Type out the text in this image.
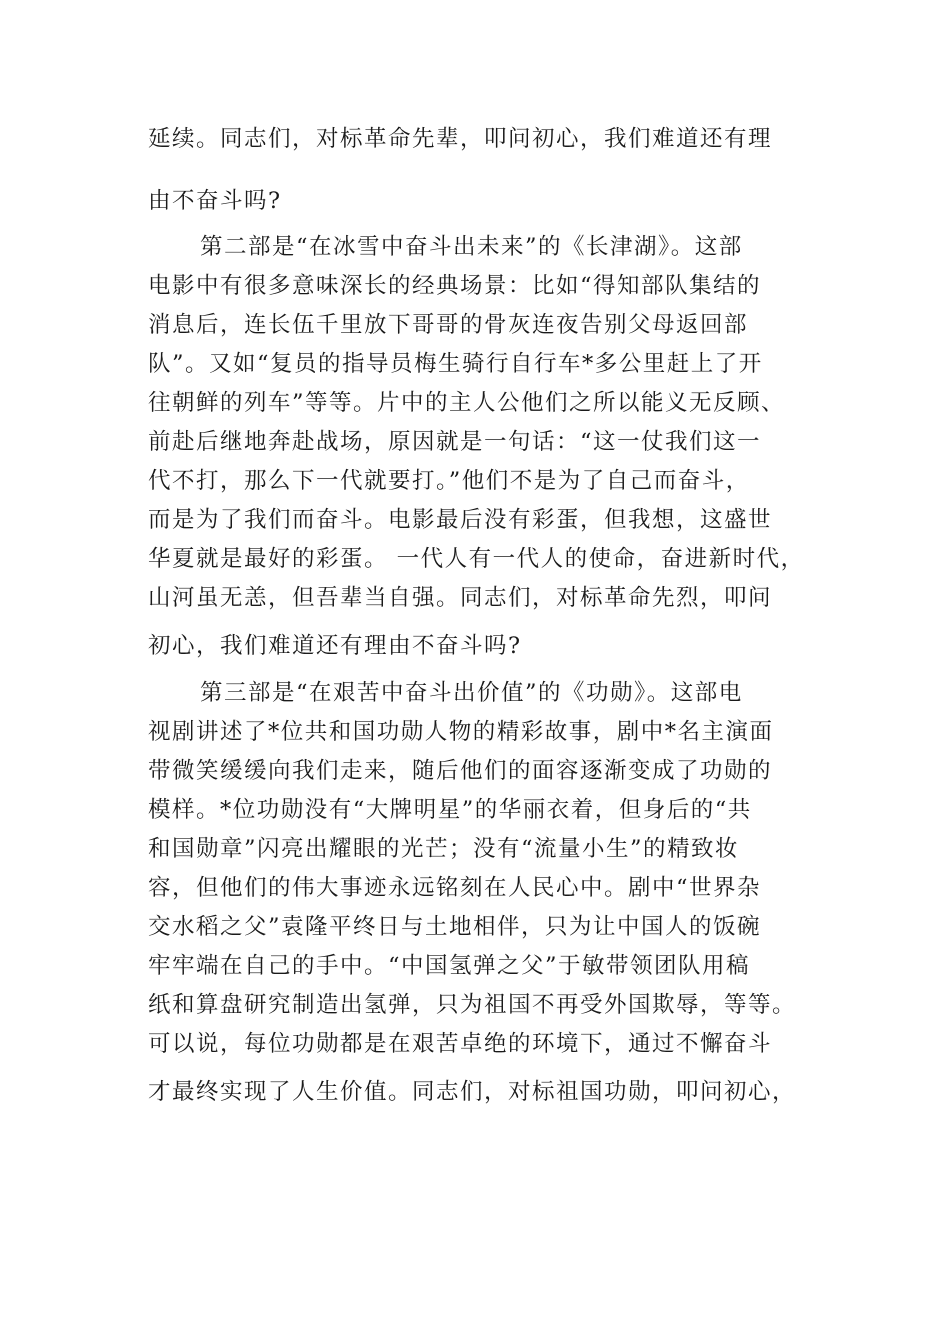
延续。同志们，对标革命先辈，叩问初心，我们难道还有理
由不奋斗吗?
第二部是“在冰雪中奋斗出未来”的《长津湖》。这部
电影中有很多意味深长的经典场景：比如“得知部队集结的
消息后，连长伍千里放下哥哥的骨灰连夜告别父母返回部
队”。又如“复员的指导员梅生骑行自行车*多公里赶上了开
往朝鲜的列车”等等。片中的主人公他们之所以能义无反顾、
前赴后继地奔赴战场，原因就是一句话：“这一仗我们这一
代不打，那么下一代就要打。”他们不是为了自己而奋斗，
而是为了我们而奋斗。电影最后没有彩蛋，但我想，这盛世
华夏就是最好的彩蛋。 一代人有一代人的使命，奋进新时代，
山河虽无恙，但吾辈当自强。同志们，对标革命先烈，叩问
初心，我们难道还有理由不奋斗吗?
第三部是“在艰苦中奋斗出价值”的《功勋》。这部电
视剧讲述了*位共和国功勋人物的精彩故事，剧中*名主演面
带微笑缓缓向我们走来，随后他们的面容逐渐变成了功勋的
模样。*位功勋没有“大牌明星”的华丽衣着，但身后的“共
和国勋章”闪亮出耀眼的光芒；没有“流量小生”的精致妆
容，但他们的伟大事迹永远铭刻在人民心中。剧中“世界杂
交水稻之父”袁隆平终日与土地相伴，只为让中国人的饭碗
牢牢端在自己的手中。“中国氢弹之父”于敏带领团队用稿
纸和算盘研究制造出氢弹，只为祖国不再受外国欺辱，等等。
可以说，每位功勋都是在艰苦卓绝的环境下，通过不懈奋斗
才最终实现了人生价值。同志们，对标祖国功勋，叩问初心，
